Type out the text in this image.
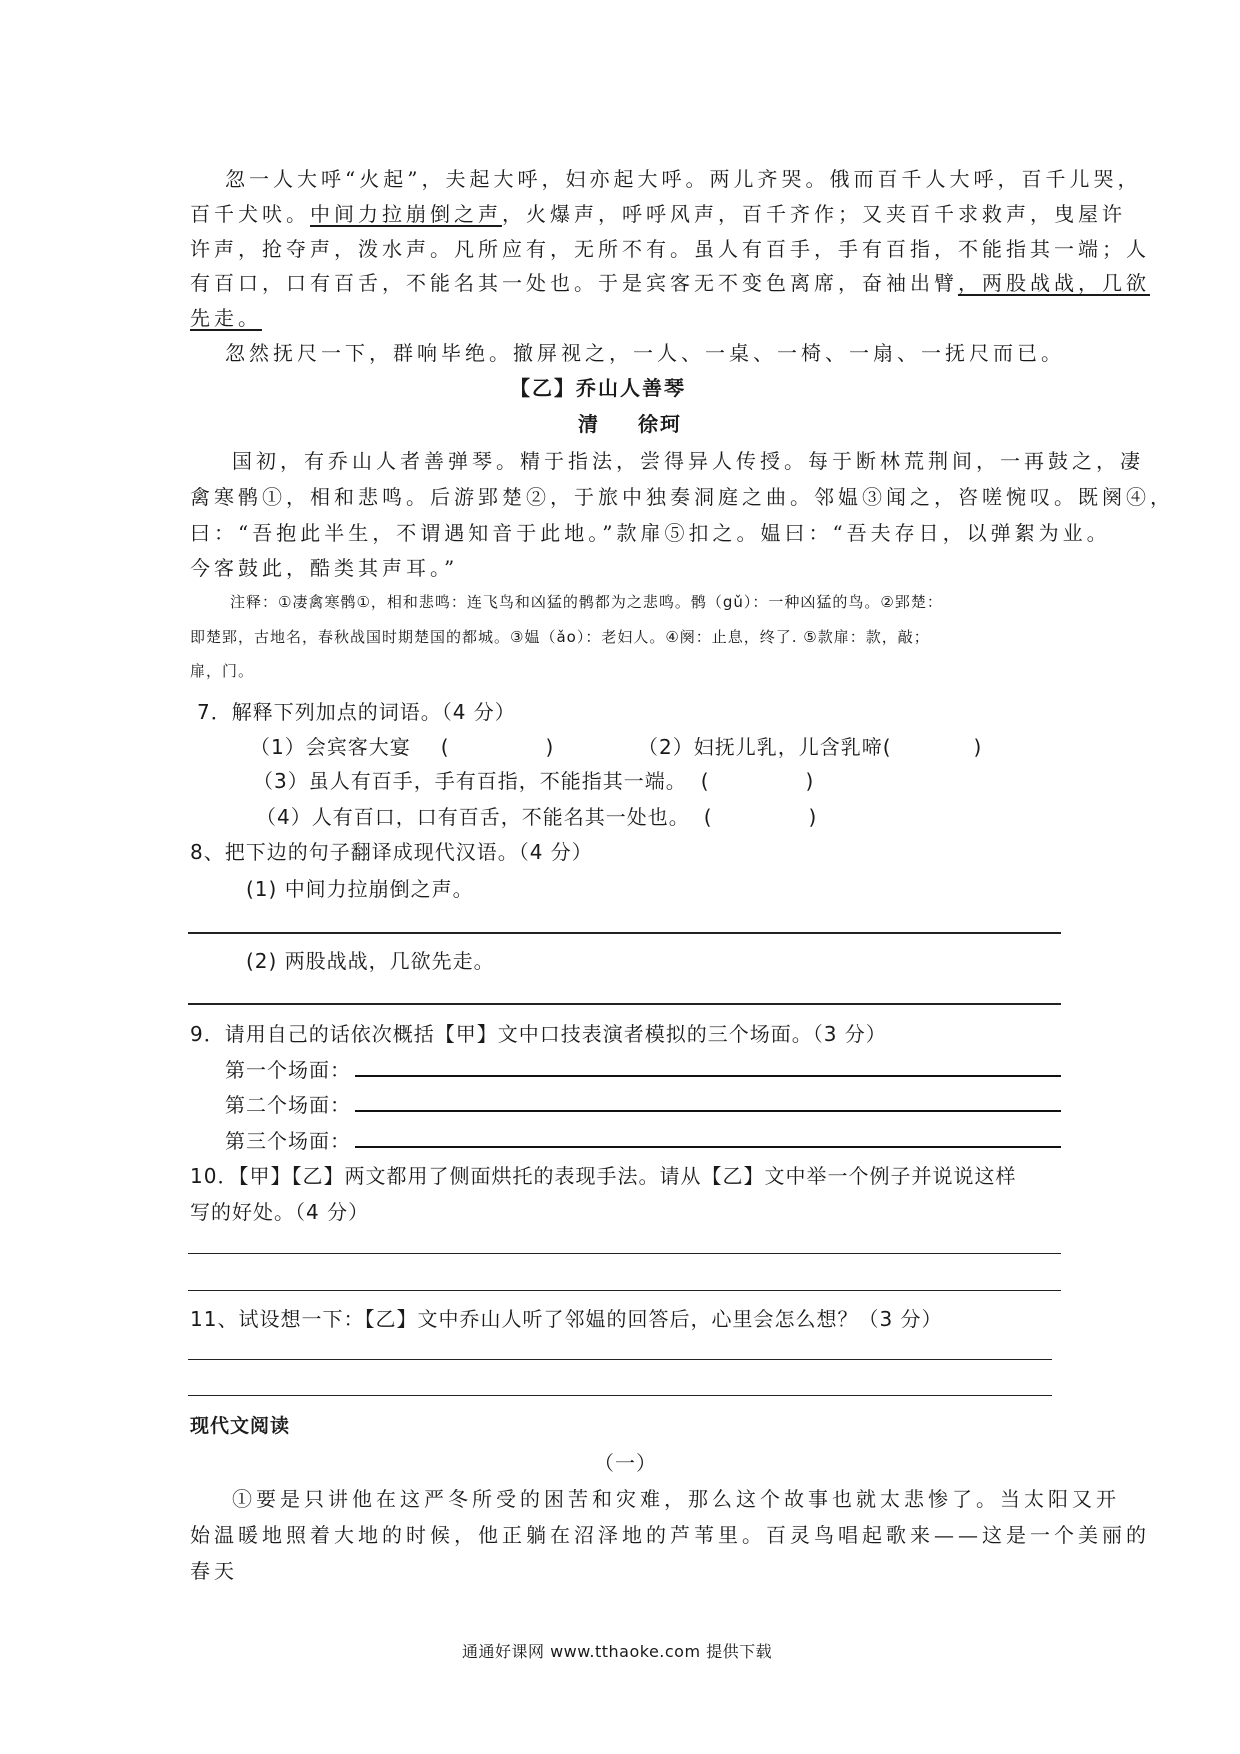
忽一人大呼“火起”，夫起大呼，妇亦起大呼。两儿齐哭。俄而百千人大呼，百千儿哭，
百千犬吠。中间力拉崩倒之声，火爆声，呼呼风声，百千齐作；又夹百千求救声，曳屋许
许声，抢夺声，泼水声。凡所应有，无所不有。虽人有百手，手有百指，不能指其一端；人
有百口，口有百舌，不能名其一处也。于是宾客无不变色离席，奋袖出臂，两股战战，几欲
先走。
忽然抚尺一下，群响毕绝。撤屏视之，一人、一桌、一椅、一扇、一抚尺而已。
【乙】乔山人善琴
清 徐珂
国初，有乔山人者善弹琴。精于指法，尝得异人传授。每于断林荒荆间，一再鼓之，凄
禽寒鹘①，相和悲鸣。后游郢楚②，于旅中独奏洞庭之曲。邻媪③闻之，咨嗟惋叹。既阕④，
曰：“吾抱此半生，不谓遇知音于此地。”款扉⑤扣之。媪曰：“吾夫存日，以弹絮为业。
今客鼓此，酷类其声耳。”
注释：①凄禽寒鹘①，相和悲鸣：连飞鸟和凶猛的鹘都为之悲鸣。鹘（gǔ）：一种凶猛的鸟。②郢楚：
即楚郢，古地名，春秋战国时期楚国的都城。③媪（ǎo）：老妇人。④阕：止息，终了. ⑤款扉：款，敲；
扉，门。
7．解释下列加点的词语。（4 分）
（1）会宾客大宴 (	)	（2）妇抚儿乳，儿含乳啼(	)
（3）虽人有百手，手有百指，不能指其一端。 (	)
（4）人有百口，口有百舌，不能名其一处也。 (	)
8、把下边的句子翻译成现代汉语。（4 分）
(1) 中间力拉崩倒之声。
(2) 两股战战，几欲先走。
9．请用自己的话依次概括【甲】文中口技表演者模拟的三个场面。（3 分）
第一个场面：
第二个场面：
第三个场面：
10．【甲】【乙】两文都用了侧面烘托的表现手法。请从【乙】文中举一个例子并说说这样
写的好处。（4 分）
11、试设想一下：【乙】文中乔山人听了邻媪的回答后，心里会怎么想？（3 分）
现代文阅读
（一）
①要是只讲他在这严冬所受的困苦和灾难，那么这个故事也就太悲惨了。当太阳又开
始温暖地照着大地的时候，他正躺在沼泽地的芦苇里。百灵鸟唱起歌来——这是一个美丽的
春天
通通好课网 www.tthaoke.com 提供下载
